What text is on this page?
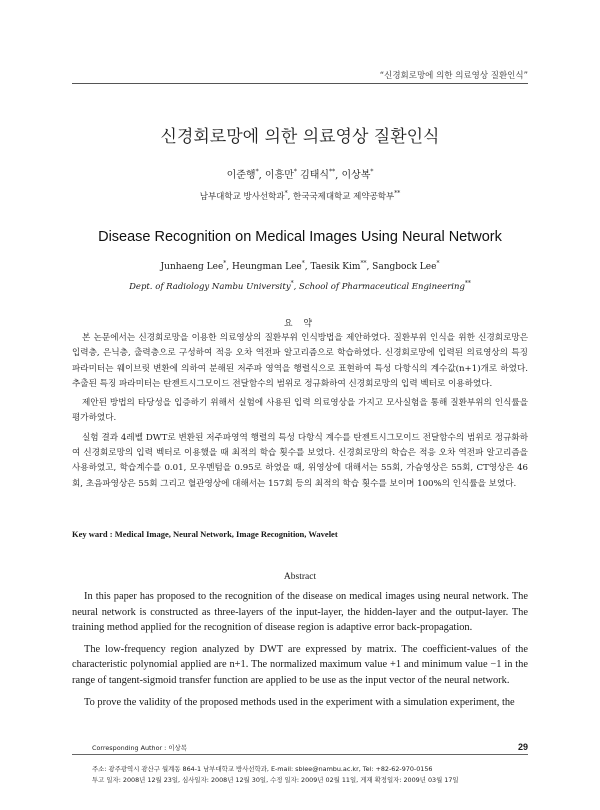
“신경회로망에 의한 의료영상 질환인식”
신경회로망에 의한 의료영상 질환인식
이준행*, 이흥만* 김태식**, 이상복*
남부대학교 방사선학과*, 한국국제대학교 제약공학부**
Disease Recognition on Medical Images Using Neural Network
Junhaeng Lee*, Heungman Lee*, Taesik Kim**, Sangbock Lee*
Dept. of Radiology Nambu University*, School of Pharmaceutical Engineering**
요 약

본 논문에서는 신경회로망을 이용한 의료영상의 질환부위 인식방법을 제안하였다. 질환부위 인식을 위한 신경회로망은 입력층, 은닉층, 출력층으로 구성하여 적응 오차 역전파 알고리즘으로 학습하였다. 신경회로망에 입력된 의료영상의 특징 파라미터는 웨이브릿 변환에 의하여 분해된 저주파 영역을 행렬식으로 표현하여 특성 다항식의 계수값(n+1)개로 하였다. 추출된 특징 파라미터는 탄젠트시그모이드 전달함수의 범위로 정규화하여 신경회로망의 입력 벡터로 이용하였다.

제안된 방법의 타당성을 입증하기 위해서 실험에 사용된 입력 의료영상을 가지고 모사실험을 통해 질환부위의 인식률을 평가하였다.

실험 결과 4레벨 DWT로 변환된 저주파영역 행렬의 특성 다항식 계수를 탄젠트시그모이드 전달함수의 범위로 정규화하여 신경회로망의 입력 벡터로 이용했을 때 최적의 학습 횟수를 보였다. 신경회로망의 학습은 적응 오차 역전파 알고리즘을 사용하였고, 학습계수를 0.01, 모우멘텀을 0.95로 하였을 때, 위영상에 대해서는 55회, 가슴영상은 55회, CT영상은 46회, 초음파영상은 55회 그리고 혈관영상에 대해서는 157회 등의 최적의 학습 횟수를 보이며 100%의 인식률을 보였다.

Key ward : Medical Image, Neural Network, Image Recognition, Wavelet
Abstract

In this paper has proposed to the recognition of the disease on medical images using neural network. The neural network is constructed as three-layers of the input-layer, the hidden-layer and the output-layer. The training method applied for the recognition of disease region is adaptive error back-propagation.

The low-frequency region analyzed by DWT are expressed by matrix. The coefficient-values of the characteristic polynomial applied are n+1. The normalized maximum value +1 and minimum value −1 in the range of tangent-sigmoid transfer function are applied to be use as the input vector of the neural network.

To prove the validity of the proposed methods used in the experiment with a simulation experiment, the

29
Corresponding Author : 이상복
주소: 광주광역시 광산구 월계동 864-1 남부대학교 방사선학과, E-mail: sblee@nambu.ac.kr, Tel: +82-62-970-0156
투고 일자: 2008년 12월 23일, 심사일자: 2008년 12월 30일, 수정 일자: 2009년 02월 11일, 게재 확정일자: 2009년 03월 17일
